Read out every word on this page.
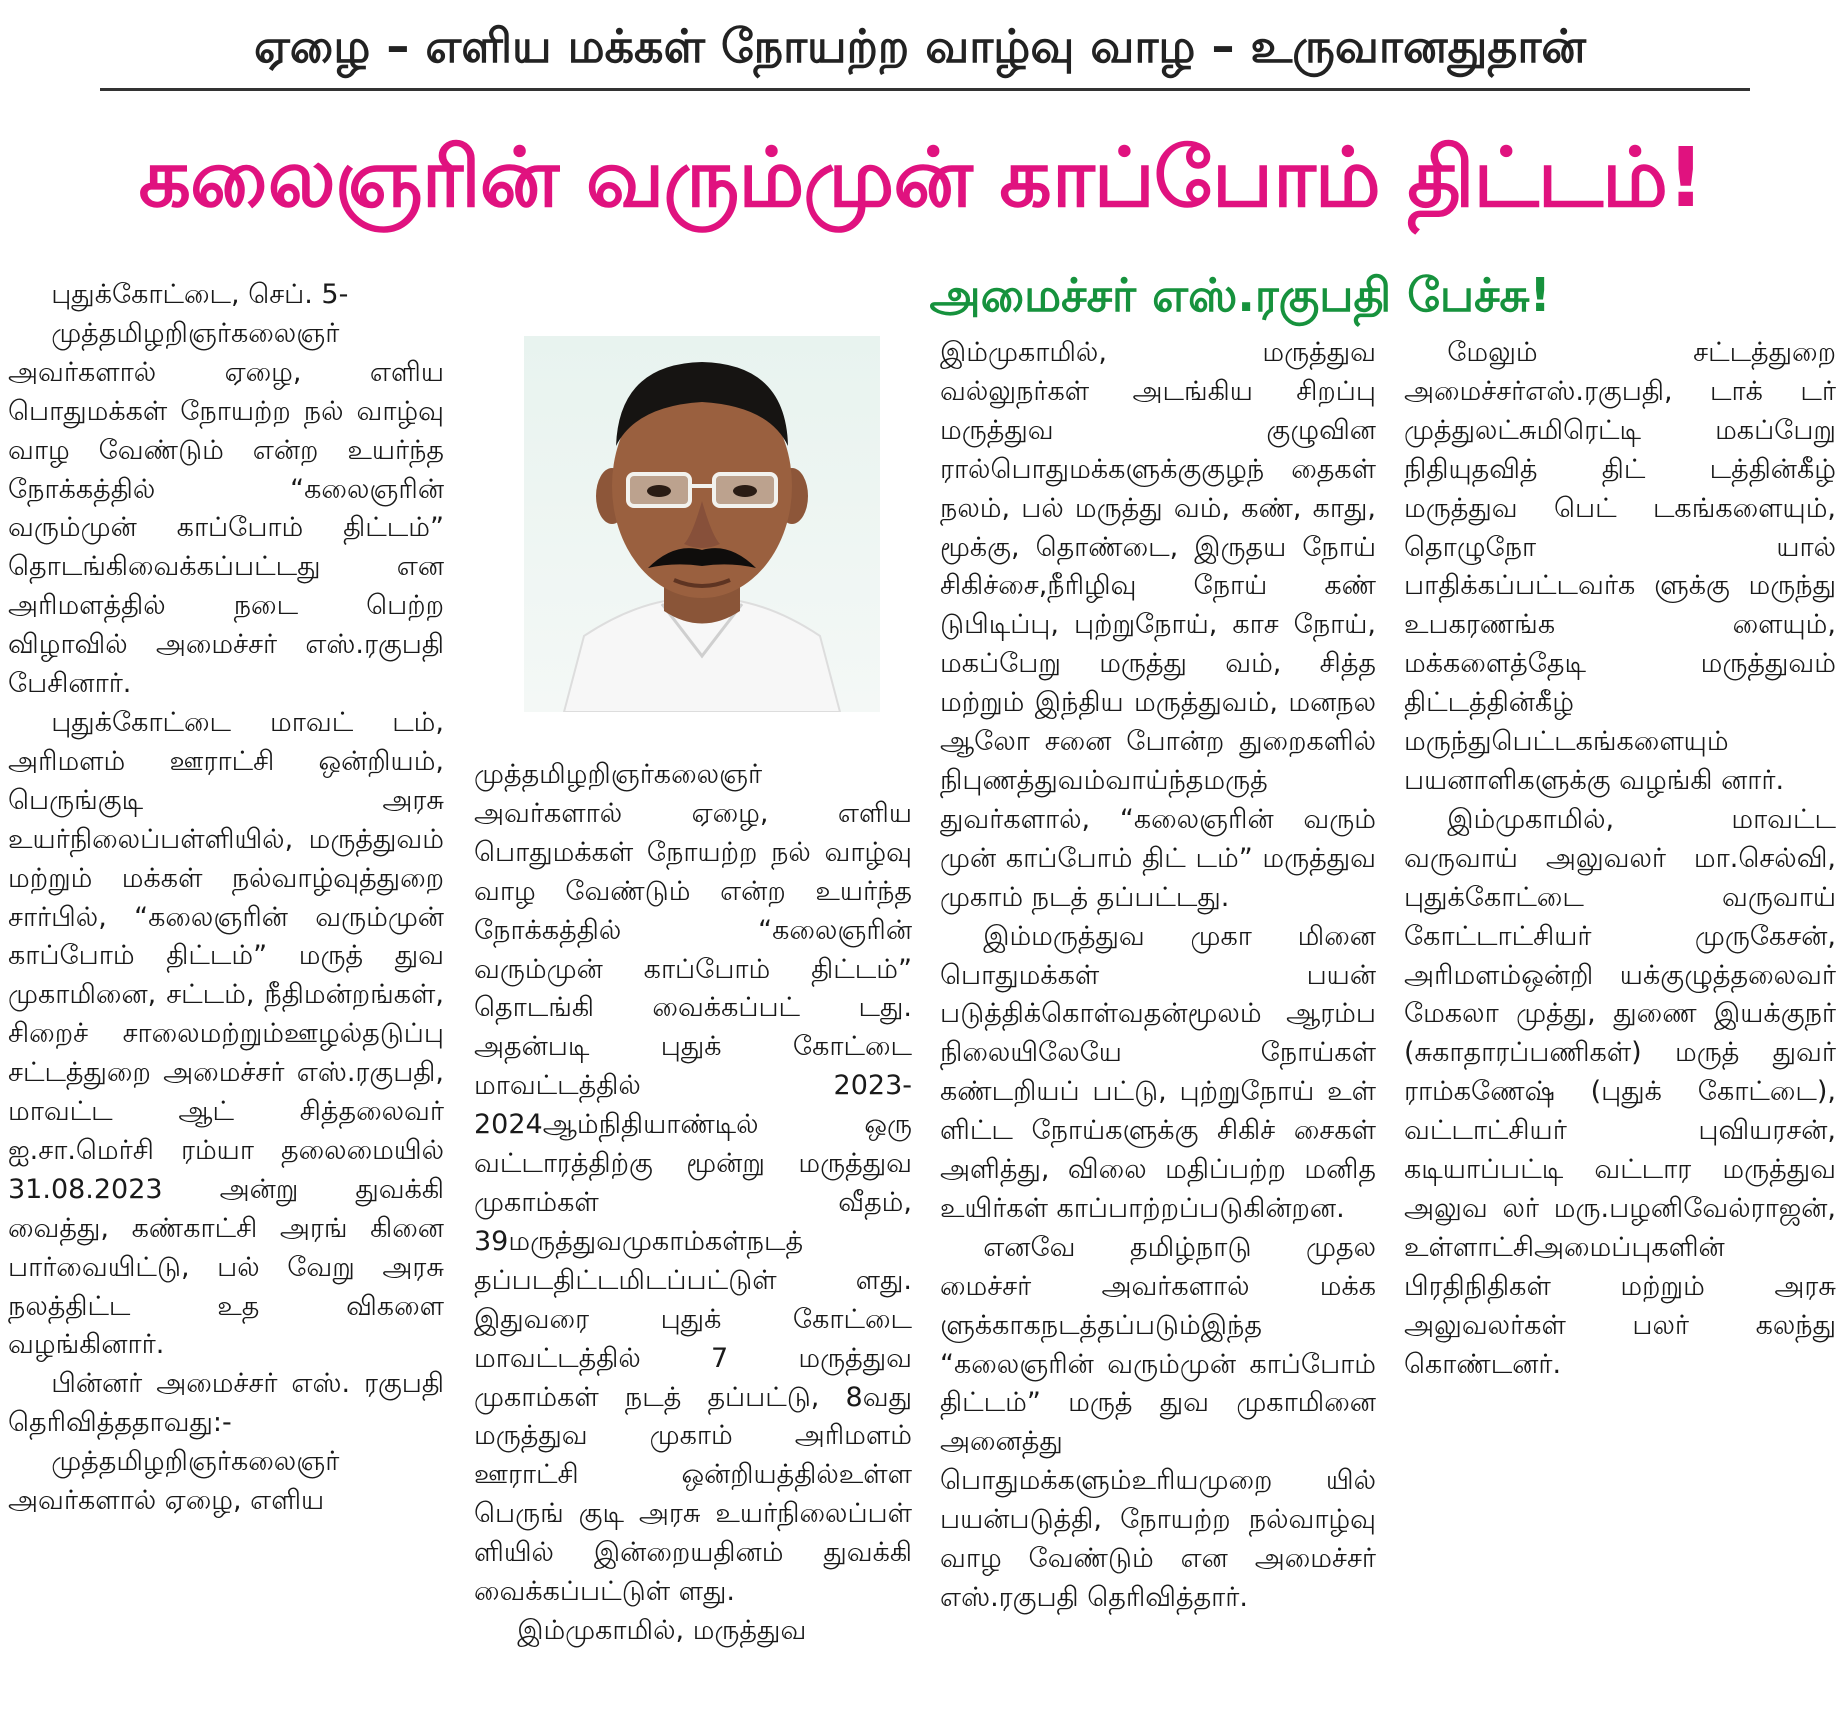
ஏழை – எளிய மக்கள் நோயற்ற வாழ்வு வாழ – உருவானதுதான்
கலைஞரின் வரும்முன் காப்போம் திட்டம்!
அமைச்சர் எஸ்.ரகுபதி பேச்சு!

புதுக்கோட்டை, செப். 5-

முத்தமிழறிஞர்கலைஞர் அவர்களால் ஏழை, எளிய பொதுமக்கள் நோயற்ற நல் வாழ்வு வாழ வேண்டும் என்ற உயர்ந்த நோக்கத்தில் “கலைஞரின் வரும்முன் காப்போம் திட்டம்” தொடங்கிவைக்கப்பட்டது என அரிமளத்தில் நடை பெற்ற விழாவில் அமைச்சர் எஸ்.ரகுபதி பேசினார்.

புதுக்கோட்டை மாவட் டம், அரிமளம் ஊராட்சி ஒன்றியம், பெருங்குடி அரசு உயர்நிலைப்பள்ளியில், மருத்துவம் மற்றும் மக்கள் நல்வாழ்வுத்துறை சார்பில், “கலைஞரின் வரும்முன் காப்போம் திட்டம்” மருத் துவ முகாமினை, சட்டம், நீதிமன்றங்கள், சிறைச் சாலைமற்றும்ஊழல்தடுப்பு சட்டத்துறை அமைச்சர் எஸ்.ரகுபதி, மாவட்ட ஆட் சித்தலைவர் ஐ.சா.மெர்சி ரம்யா தலைமையில் 31.08.2023 அன்று துவக்கி வைத்து, கண்காட்சி அரங் கினை பார்வையிட்டு, பல் வேறு அரசு நலத்திட்ட உத விகளை வழங்கினார்.

பின்னர் அமைச்சர் எஸ். ரகுபதி தெரிவித்ததாவது:-

முத்தமிழறிஞர்கலைஞர் அவர்களால் ஏழை, எளிய

முத்தமிழறிஞர்கலைஞர் அவர்களால் ஏழை, எளிய பொதுமக்கள் நோயற்ற நல் வாழ்வு வாழ வேண்டும் என்ற உயர்ந்த நோக்கத்தில் “கலைஞரின் வரும்முன் காப்போம் திட்டம்” தொடங்கி வைக்கப்பட் டது. அதன்படி புதுக் கோட்டை மாவட்டத்தில் 2023-2024ஆம்நிதியாண்டில் ஒரு வட்டாரத்திற்கு மூன்று மருத்துவ முகாம்கள் வீதம், 39மருத்துவமுகாம்கள்நடத் தப்படதிட்டமிடப்பட்டுள் ளது. இதுவரை புதுக் கோட்டை மாவட்டத்தில் 7 மருத்துவ முகாம்கள் நடத் தப்பட்டு, 8வது மருத்துவ முகாம் அரிமளம் ஊராட்சி ஒன்றியத்தில்உள்ள பெருங் குடி அரசு உயர்நிலைப்பள் ளியில் இன்றையதினம் துவக்கி வைக்கப்பட்டுள் ளது.

இம்முகாமில், மருத்துவ

இம்முகாமில், மருத்துவ வல்லுநர்கள் அடங்கிய சிறப்பு மருத்துவ குழுவின ரால்பொதுமக்களுக்குகுழந் தைகள் நலம், பல் மருத்து வம், கண், காது, மூக்கு, தொண்டை, இருதய நோய் சிகிச்சை,நீரிழிவு நோய் கண் டுபிடிப்பு, புற்றுநோய், காச நோய், மகப்பேறு மருத்து வம், சித்த மற்றும் இந்திய மருத்துவம், மனநல ஆலோ சனை போன்ற துறைகளில் நிபுணத்துவம்வாய்ந்தமருத் துவர்களால், “கலைஞரின் வரும் முன் காப்போம் திட் டம்” மருத்துவ முகாம் நடத் தப்பட்டது.

இம்மருத்துவ முகா மினை பொதுமக்கள் பயன் படுத்திக்கொள்வதன்மூலம் ஆரம்ப நிலையிலேயே நோய்கள் கண்டறியப் பட்டு, புற்றுநோய் உள் ளிட்ட நோய்களுக்கு சிகிச் சைகள் அளித்து, விலை மதிப்பற்ற மனித உயிர்கள் காப்பாற்றப்படுகின்றன.

எனவே தமிழ்நாடு முதல மைச்சர் அவர்களால் மக்க ளுக்காகநடத்தப்படும்இந்த “கலைஞரின் வரும்முன் காப்போம் திட்டம்” மருத் துவ முகாமினை அனைத்து பொதுமக்களும்உரியமுறை யில் பயன்படுத்தி, நோயற்ற நல்வாழ்வு வாழ வேண்டும் என அமைச்சர் எஸ்.ரகுபதி தெரிவித்தார்.

மேலும் சட்டத்துறை அமைச்சர்எஸ்.ரகுபதி, டாக் டர் முத்துலட்சுமிரெட்டி மகப்பேறு நிதியுதவித் திட் டத்தின்கீழ் மருத்துவ பெட் டகங்களையும், தொழுநோ யால் பாதிக்கப்பட்டவர்க ளுக்கு மருந்து உபகரணங்க ளையும், மக்களைத்தேடி மருத்துவம் திட்டத்தின்கீழ் மருந்துபெட்டகங்களையும் பயனாளிகளுக்கு வழங்கி னார்.

இம்முகாமில், மாவட்ட வருவாய் அலுவலர் மா.செல்வி, புதுக்கோட்டை வருவாய் கோட்டாட்சியர் முருகேசன், அரிமளம்ஒன்றி யக்குழுத்தலைவர் மேகலா முத்து, துணை இயக்குநர் (சுகாதாரப்பணிகள்) மருத் துவர் ராம்கணேஷ் (புதுக் கோட்டை), வட்டாட்சியர் புவியரசன், கடியாப்பட்டி வட்டார மருத்துவ அலுவ லர் மரு.பழனிவேல்ராஜன், உள்ளாட்சிஅமைப்புகளின் பிரதிநிதிகள் மற்றும் அரசு அலுவலர்கள் பலர் கலந்து கொண்டனர்.
